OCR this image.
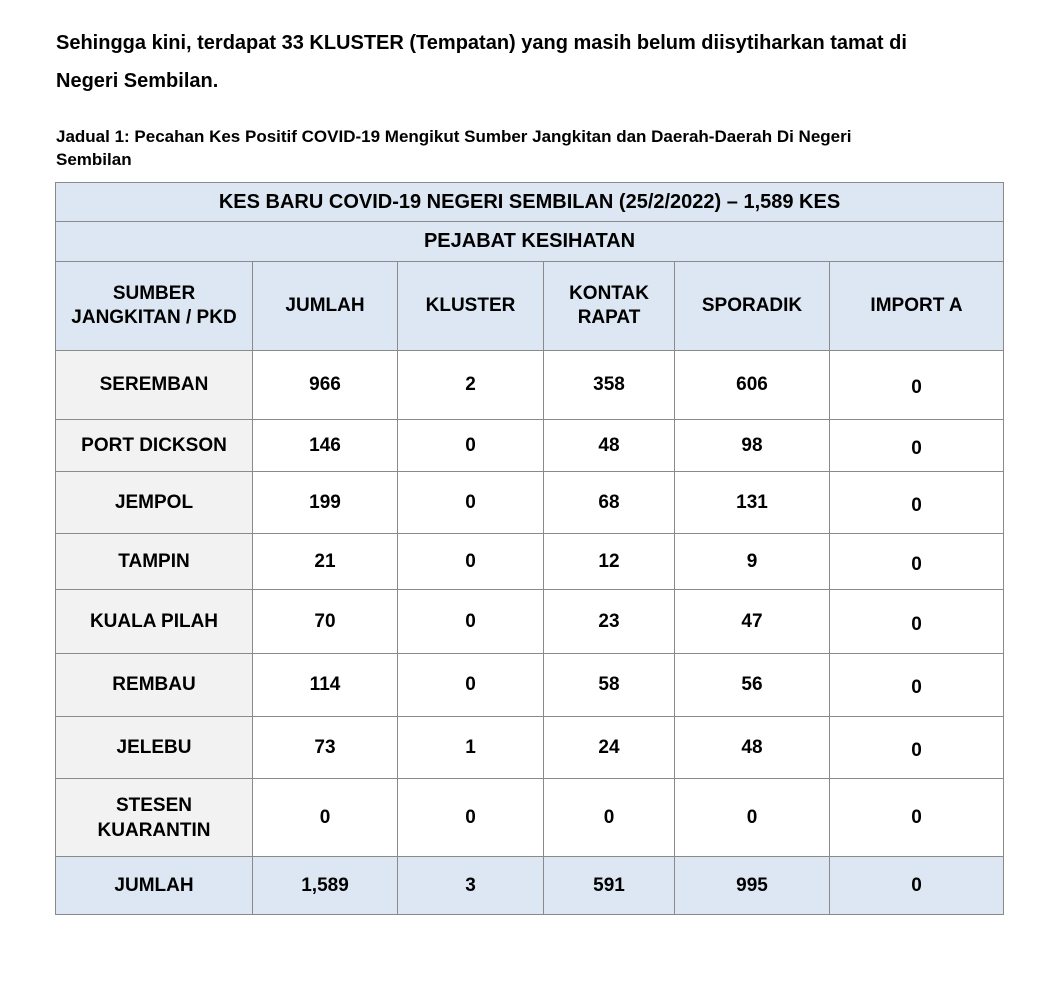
Sehingga kini, terdapat 33 KLUSTER (Tempatan) yang masih belum diisytiharkan tamat di
Negeri Sembilan.

Jadual 1: Pecahan Kes Positif COVID-19 Mengikut Sumber Jangkitan dan Daerah-Daerah Di Negeri
Sembilan

KES BARU COVID-19 NEGERI SEMBILAN (25/2/2022) – 1,589 KES					
PEJABAT KESIHATAN					
SUMBER JANGKITAN / PKD	JUMLAH	KLUSTER	KONTAK RAPAT	SPORADIK	IMPORT A
SEREMBAN	966	2	358	606	0
PORT DICKSON	146	0	48	98	0
JEMPOL	199	0	68	131	0
TAMPIN	21	0	12	9	0
KUALA PILAH	70	0	23	47	0
REMBAU	114	0	58	56	0
JELEBU	73	1	24	48	0
STESEN KUARANTIN	0	0	0	0	0
JUMLAH	1,589	3	591	995	0
